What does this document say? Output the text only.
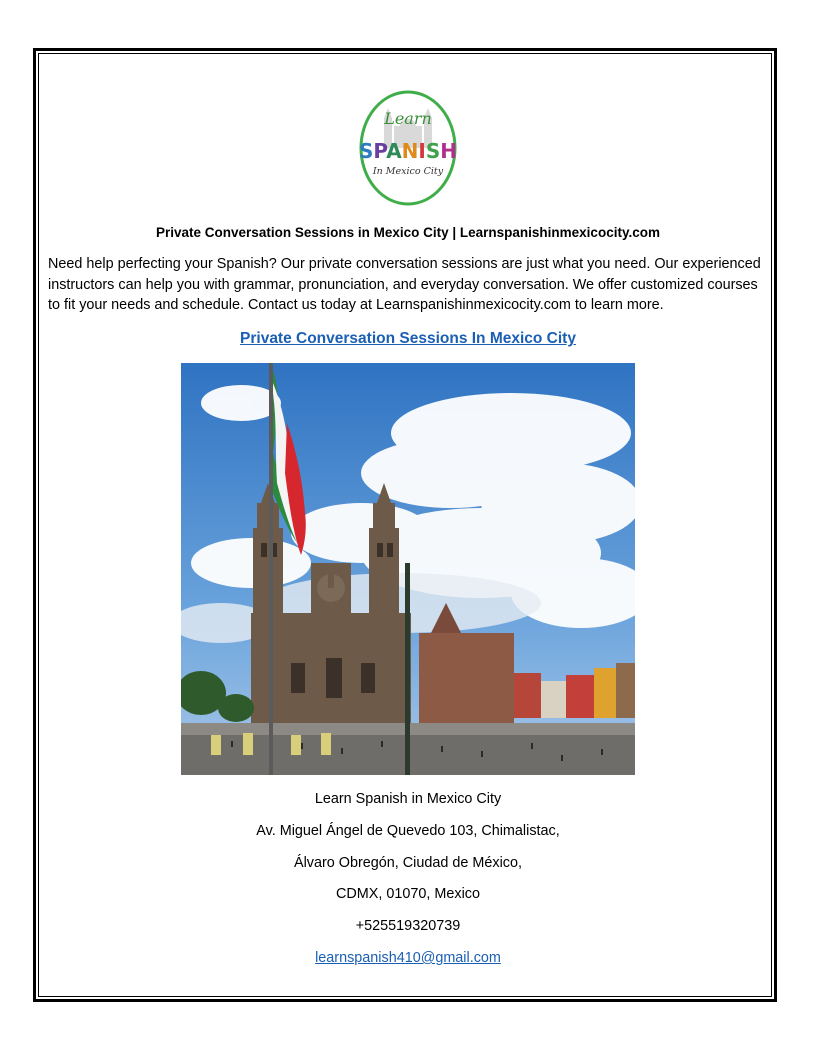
Learn
SPANISH
In Mexico City
Private Conversation Sessions in Mexico City | Learnspanishinmexicocity.com
Need help perfecting your Spanish? Our private conversation sessions are just what you need. Our experienced instructors can help you with grammar, pronunciation, and everyday conversation. We offer customized courses to fit your needs and schedule. Contact us today at Learnspanishinmexicocity.com to learn more.
Private Conversation Sessions In Mexico City
Learn Spanish in Mexico City
Av. Miguel Ángel de Quevedo 103, Chimalistac,
Álvaro Obregón, Ciudad de México,
CDMX, 01070, Mexico
+525519320739
learnspanish410@gmail.com
